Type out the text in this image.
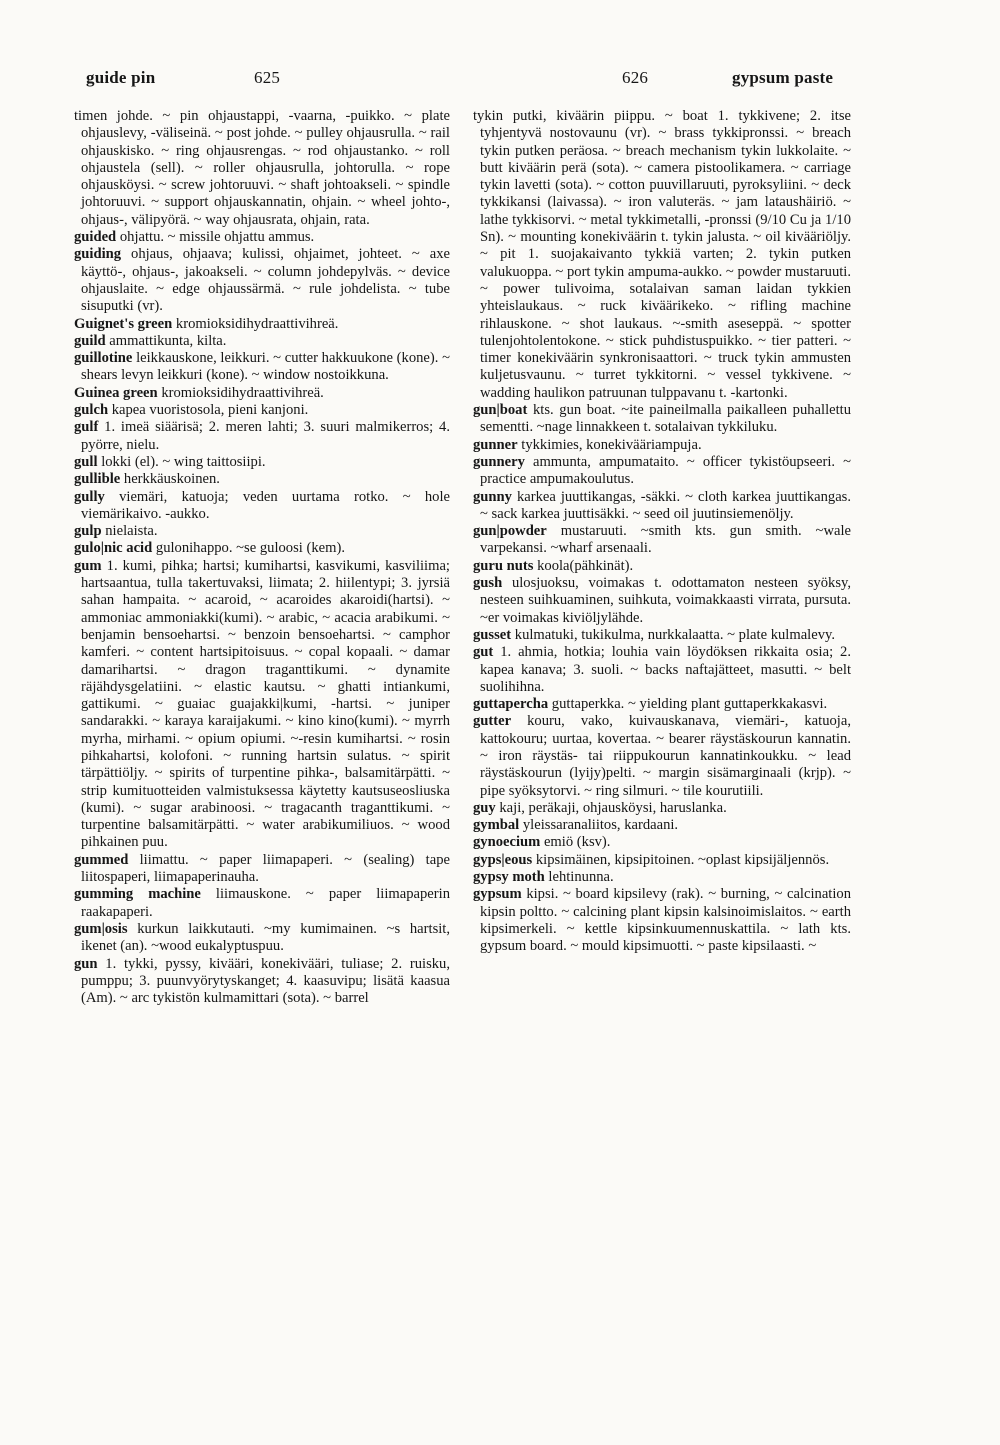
guide pin	625	626	gypsum paste

timen johde. ~ pin ohjaustappi, -vaarna, -puikko. ~ plate ohjauslevy, -väliseinä. ~ post johde. ~ pulley ohjausrulla. ~ rail ohjauskisko. ~ ring ohjausrengas. ~ rod ohjaustanko. ~ roll ohjaustela (sell). ~ roller ohjausrulla, johtorulla. ~ rope ohjausköysi. ~ screw johtoruuvi. ~ shaft johtoakseli. ~ spindle johtoruuvi. ~ support ohjauskannatin, ohjain. ~ wheel johto-, ohjaus-, välipyörä. ~ way ohjausrata, ohjain, rata.

guided ohjattu. ~ missile ohjattu ammus.

guiding ohjaus, ohjaava; kulissi, ohjaimet, johteet. ~ axe käyttö-, ohjaus-, jakoakseli. ~ column johdepylväs. ~ device ohjauslaite. ~ edge ohjaussärmä. ~ rule johdelista. ~ tube sisuputki (vr).

Guignet's green kromioksidihydraattivihreä.

guild ammattikunta, kilta.

guillotine leikkauskone, leikkuri. ~ cutter hakkuukone (kone). ~ shears levyn leikkuri (kone). ~ window nostoikkuna.

Guinea green kromioksidihydraattivihreä.

gulch kapea vuoristosola, pieni kanjoni.

gulf 1. imeä siäärisä; 2. meren lahti; 3. suuri malmikerros; 4. pyörre, nielu.

gull lokki (el). ~ wing taittosiipi.

gullible herkkäuskoinen.

gully viemäri, katuoja; veden uurtama rotko. ~ hole viemärikaivo. -aukko.

gulp nielaista.

gulo|nic acid gulonihappo. ~se guloosi (kem).

gum 1. kumi, pihka; hartsi; kumihartsi, kasvikumi, kasviliima; hartsaantua, tulla takertuvaksi, liimata; 2. hiilentypi; 3. jyrsiä sahan hampaita. ~ acaroid, ~ acaroides akaroidi(hartsi). ~ ammoniac ammoniakki(kumi). ~ arabic, ~ acacia arabikumi. ~ benjamin bensoehartsi. ~ benzoin bensoehartsi. ~ camphor kamferi. ~ content hartsipitoisuus. ~ copal kopaali. ~ damar damarihartsi. ~ dragon traganttikumi. ~ dynamite räjähdysgelatiini. ~ elastic kautsu. ~ ghatti intiankumi, gattikumi. ~ guaiac guajakki|kumi, -hartsi. ~ juniper sandarakki. ~ karaya karaijakumi. ~ kino kino(kumi). ~ myrrh myrha, mirhami. ~ opium opiumi. ~-resin kumihartsi. ~ rosin pihkahartsi, kolofoni. ~ running hartsin sulatus. ~ spirit tärpättiöljy. ~ spirits of turpentine pihka-, balsamitärpätti. ~ strip kumituotteiden valmistuksessa käytetty kautsuseosliuska (kumi). ~ sugar arabinoosi. ~ tragacanth traganttikumi. ~ turpentine balsamitärpätti. ~ water arabikumiliuos. ~ wood pihkainen puu.

gummed liimattu. ~ paper liimapaperi. ~ (sealing) tape liitospaperi, liimapaperinauha.

gumming machine liimauskone. ~ paper liimapaperin raakapaperi.

gum|osis kurkun laikkutauti. ~my kumimainen. ~s hartsit, ikenet (an). ~wood eukalyptuspuu.

gun 1. tykki, pyssy, kivääri, konekivääri, tuliase; 2. ruisku, pumppu; 3. puunvyörytyskanget; 4. kaasuvipu; lisätä kaasua (Am). ~ arc tykistön kulmamittari (sota). ~ barrel

tykin putki, kiväärin piippu. ~ boat 1. tykkivene; 2. itse tyhjentyvä nostovaunu (vr). ~ brass tykkipronssi. ~ breach tykin putken peräosa. ~ breach mechanism tykin lukkolaite. ~ butt kiväärin perä (sota). ~ camera pistoolikamera. ~ carriage tykin lavetti (sota). ~ cotton puuvillaruuti, pyroksyliini. ~ deck tykkikansi (laivassa). ~ iron valuteräs. ~ jam lataushäiriö. ~ lathe tykkisorvi. ~ metal tykkimetalli, -pronssi (9/10 Cu ja 1/10 Sn). ~ mounting konekiväärin t. tykin jalusta. ~ oil kivääriöljy. ~ pit 1. suojakaivanto tykkiä varten; 2. tykin putken valukuoppa. ~ port tykin ampuma-aukko. ~ powder mustaruuti. ~ power tulivoima, sotalaivan saman laidan tykkien yhteislaukaus. ~ ruck kiväärikeko. ~ rifling machine rihlauskone. ~ shot laukaus. ~-smith aseseppä. ~ spotter tulenjohtolentokone. ~ stick puhdistuspuikko. ~ tier patteri. ~ timer konekiväärin synkronisaattori. ~ truck tykin ammusten kuljetusvaunu. ~ turret tykkitorni. ~ vessel tykkivene. ~ wadding haulikon patruunan tulppavanu t. -kartonki.

gun|boat kts. gun boat. ~ite paineilmalla paikalleen puhallettu sementti. ~nage linnakkeen t. sotalaivan tykkiluku.

gunner tykkimies, konekivääriampuja.

gunnery ammunta, ampumataito. ~ officer tykistöupseeri. ~ practice ampumakoulutus.

gunny karkea juuttikangas, -säkki. ~ cloth karkea juuttikangas. ~ sack karkea juuttisäkki. ~ seed oil juutinsiemenöljy.

gun|powder mustaruuti. ~smith kts. gun smith. ~wale varpekansi. ~wharf arsenaali.

guru nuts koola(pähkinät).

gush ulosjuoksu, voimakas t. odottamaton nesteen syöksy, nesteen suihkuaminen, suihkuta, voimakkaasti virrata, pursuta. ~er voimakas kiviöljylähde.

gusset kulmatuki, tukikulma, nurkkalaatta. ~ plate kulmalevy.

gut 1. ahmia, hotkia; louhia vain löydöksen rikkaita osia; 2. kapea kanava; 3. suoli. ~ backs naftajätteet, masutti. ~ belt suolihihna.

guttapercha guttaperkka. ~ yielding plant guttaperkkakasvi.

gutter kouru, vako, kuivauskanava, viemäri-, katuoja, kattokouru; uurtaa, kovertaa. ~ bearer räystäskourun kannatin. ~ iron räystäs- tai riippukourun kannatinkoukku. ~ lead räystäskourun (lyijy)pelti. ~ margin sisämarginaali (krjp). ~ pipe syöksytorvi. ~ ring silmuri. ~ tile kourutiili.

guy kaji, peräkaji, ohjausköysi, haruslanka.

gymbal yleissaranaliitos, kardaani.

gynoecium emiö (ksv).

gyps|eous kipsimäinen, kipsipitoinen. ~oplast kipsijäljennös.

gypsy moth lehtinunna.

gypsum kipsi. ~ board kipsilevy (rak). ~ burning, ~ calcination kipsin poltto. ~ calcining plant kipsin kalsinoimislaitos. ~ earth kipsimerkeli. ~ kettle kipsinkuumennuskattila. ~ lath kts. gypsum board. ~ mould kipsimuotti. ~ paste kipsilaasti. ~
